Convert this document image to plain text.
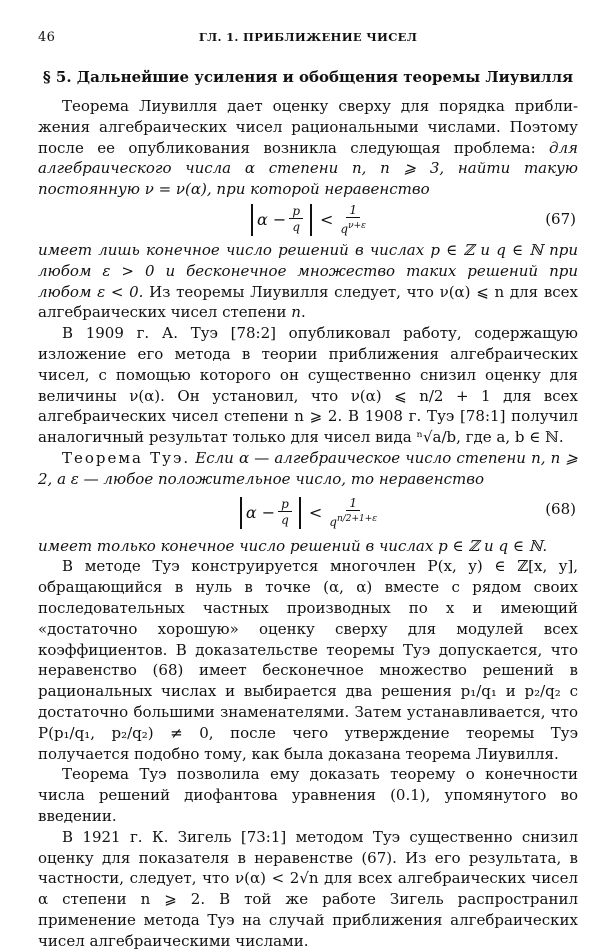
46	ГЛ. 1. ПРИБЛИЖЕНИЕ ЧИСЕЛ
§ 5. Дальнейшие усиления и обобщения теоремы Лиувилля

Теорема Лиувилля дает оценку сверху для порядка прибли-жения алгебраических чисел рациональными числами. Поэтому после ее опубликования возникла следующая проблема: для алгебраического числа α степени n, n ⩾ 3, найти такую постоянную ν = ν(α), при которой неравенство

$\alpha - \frac{p}{q} < \frac{1}{q^{\nu+\varepsilon}}$	(67)

имеет лишь конечное число решений в числах p ∈ ℤ и q ∈ ℕ при любом ε > 0 и бесконечное множество таких решений при любом ε < 0. Из теоремы Лиувилля следует, что ν(α) ⩽ n для всех алгебраических чисел степени n.

В 1909 г. А. Туэ [78:2] опубликовал работу, содержащую изложение его метода в теории приближения алгебраических чисел, с помощью которого он существенно снизил оценку для величины ν(α). Он установил, что ν(α) ⩽ n/2 + 1 для всех алгебраических чисел степени n ⩾ 2. В 1908 г. Туэ [78:1] получил аналогичный результат только для чисел вида ⁿ√a/b, где a, b ∈ ℕ.

Теорема Туэ. Если α — алгебраическое число степени n, n ⩾ 2, а ε — любое положительное число, то неравенство

$\alpha - \frac{p}{q} < \frac{1}{q^{n/2+1+\varepsilon}}$	(68)

имеет только конечное число решений в числах p ∈ ℤ и q ∈ ℕ.

В методе Туэ конструируется многочлен P(x, y) ∈ ℤ[x, y], обращающийся в нуль в точке (α, α) вместе с рядом своих последовательных частных производных по x и имеющий «достаточно хорошую» оценку сверху для модулей всех коэффициентов. В доказательстве теоремы Туэ допускается, что неравенство (68) имеет бесконечное множество решений в рациональных числах и выбирается два решения p₁/q₁ и p₂/q₂ с достаточно большими знаменателями. Затем устанавливается, что P(p₁/q₁, p₂/q₂) ≠ 0, после чего утверждение теоремы Туэ получается подобно тому, как была доказана теорема Лиувилля.

Теорема Туэ позволила ему доказать теорему о конечности числа решений диофантова уравнения (0.1), упомянутого во введении.

В 1921 г. К. Зигель [73:1] методом Туэ существенно снизил оценку для показателя в неравенстве (67). Из его результата, в частности, следует, что ν(α) < 2√n для всех алгебраических чисел α степени n ⩾ 2. В той же работе Зигель распространил применение метода Туэ на случай приближения алгебраических чисел алгебраическими числами.
